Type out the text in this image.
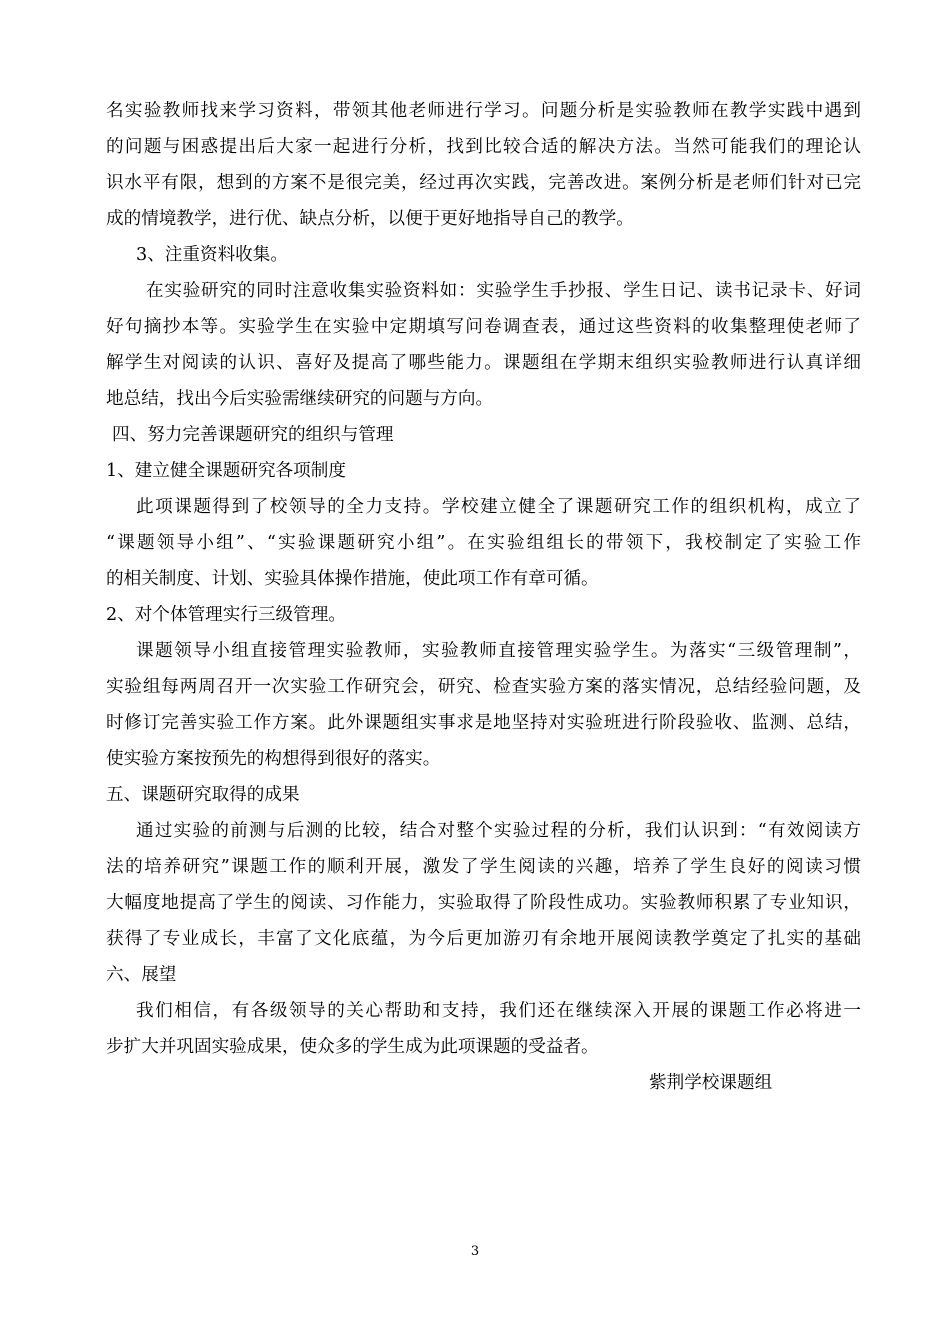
名实验教师找来学习资料，带领其他老师进行学习。问题分析是实验教师在教学实践中遇到
的问题与困惑提出后大家一起进行分析，找到比较合适的解决方法。当然可能我们的理论认
识水平有限，想到的方案不是很完美，经过再次实践，完善改进。案例分析是老师们针对已完
成的情境教学，进行优、缺点分析，以便于更好地指导自己的教学。
3、注重资料收集。
在实验研究的同时注意收集实验资料如：实验学生手抄报、学生日记、读书记录卡、好词
好句摘抄本等。实验学生在实验中定期填写问卷调查表，通过这些资料的收集整理使老师了
解学生对阅读的认识、喜好及提高了哪些能力。课题组在学期末组织实验教师进行认真详细
地总结，找出今后实验需继续研究的问题与方向。
四、努力完善课题研究的组织与管理
1、建立健全课题研究各项制度
此项课题得到了校领导的全力支持。学校建立健全了课题研究工作的组织机构，成立了
“课题领导小组”、“实验课题研究小组”。在实验组组长的带领下，我校制定了实验工作
的相关制度、计划、实验具体操作措施，使此项工作有章可循。
2、对个体管理实行三级管理。
课题领导小组直接管理实验教师，实验教师直接管理实验学生。为落实“三级管理制”，
实验组每两周召开一次实验工作研究会，研究、检查实验方案的落实情况，总结经验问题，及
时修订完善实验工作方案。此外课题组实事求是地坚持对实验班进行阶段验收、监测、总结，
使实验方案按预先的构想得到很好的落实。
五、课题研究取得的成果
通过实验的前测与后测的比较，结合对整个实验过程的分析，我们认识到：“有效阅读方
法的培养研究”课题工作的顺利开展，激发了学生阅读的兴趣，培养了学生良好的阅读习惯
大幅度地提高了学生的阅读、习作能力，实验取得了阶段性成功。实验教师积累了专业知识，
获得了专业成长，丰富了文化底蕴，为今后更加游刃有余地开展阅读教学奠定了扎实的基础
六、展望
我们相信，有各级领导的关心帮助和支持，我们还在继续深入开展的课题工作必将进一
步扩大并巩固实验成果，使众多的学生成为此项课题的受益者。
紫荆学校课题组
3
